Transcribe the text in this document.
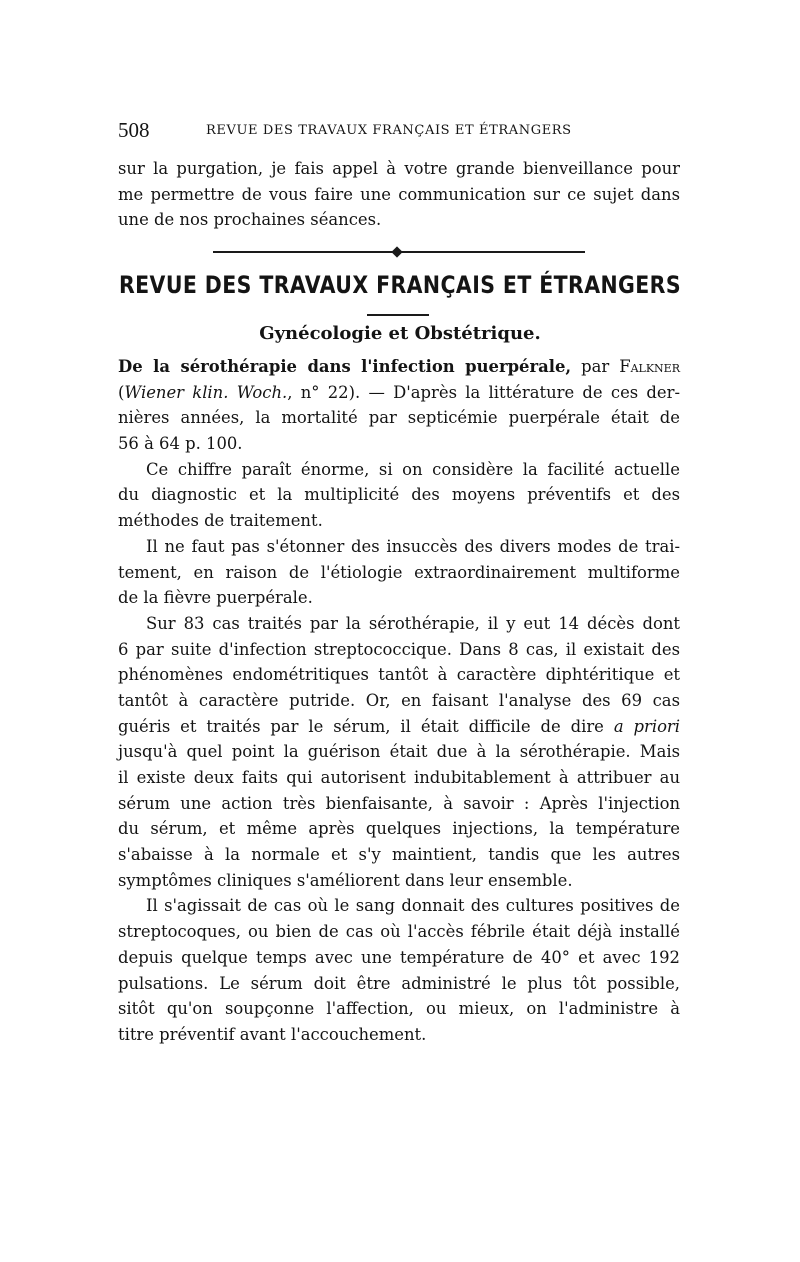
508	REVUE DES TRAVAUX FRANÇAIS ET ÉTRANGERS
sur la purgation, je fais appel à votre grande bienveillance pour
me permettre de vous faire une communication sur ce sujet dans
une de nos prochaines séances.
REVUE DES TRAVAUX FRANÇAIS ET ÉTRANGERS
Gynécologie et Obstétrique.
De la sérothérapie dans l'infection puerpérale, par Falkner
(Wiener klin. Woch., n° 22). — D'après la littérature de ces der-
nières années, la mortalité par septicémie puerpérale était de
56 à 64 p. 100.
Ce chiffre paraît énorme, si on considère la facilité actuelle
du diagnostic et la multiplicité des moyens préventifs et des
méthodes de traitement.
Il ne faut pas s'étonner des insuccès des divers modes de trai-
tement, en raison de l'étiologie extraordinairement multiforme
de la fièvre puerpérale.
Sur 83 cas traités par la sérothérapie, il y eut 14 décès dont
6 par suite d'infection streptococcique. Dans 8 cas, il existait des
phénomènes endométritiques tantôt à caractère diphtéritique et
tantôt à caractère putride. Or, en faisant l'analyse des 69 cas
guéris et traités par le sérum, il était difficile de dire a priori
jusqu'à quel point la guérison était due à la sérothérapie. Mais
il existe deux faits qui autorisent indubitablement à attribuer au
sérum une action très bienfaisante, à savoir : Après l'injection
du sérum, et même après quelques injections, la température
s'abaisse à la normale et s'y maintient, tandis que les autres
symptômes cliniques s'améliorent dans leur ensemble.
Il s'agissait de cas où le sang donnait des cultures positives de
streptocoques, ou bien de cas où l'accès fébrile était déjà installé
depuis quelque temps avec une température de 40° et avec 192
pulsations. Le sérum doit être administré le plus tôt possible,
sitôt qu'on soupçonne l'affection, ou mieux, on l'administre à
titre préventif avant l'accouchement.
